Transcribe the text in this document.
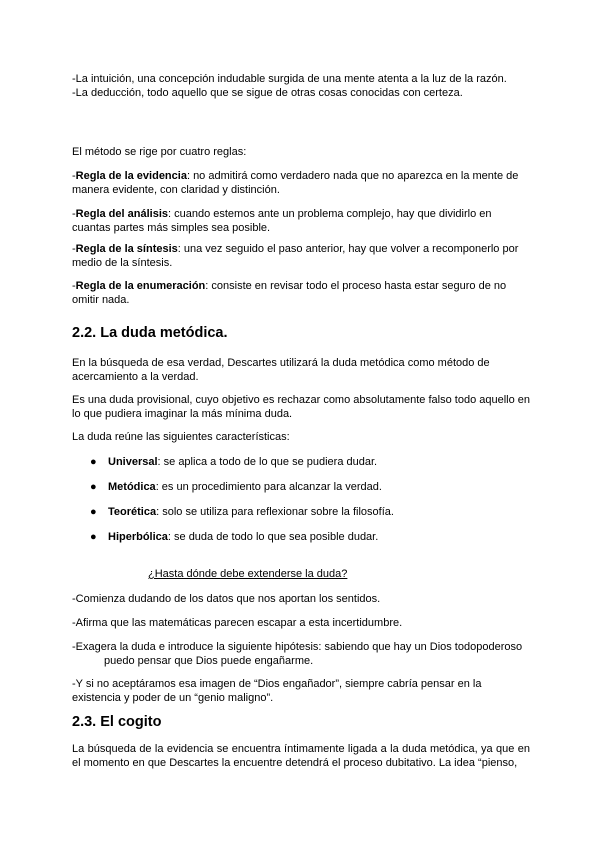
-La intuición, una concepción indudable surgida de una mente atenta a la luz de la razón.

-La deducción, todo aquello que se sigue de otras cosas conocidas con certeza.

El método se rige por cuatro reglas:

-Regla de la evidencia: no admitirá como verdadero nada que no aparezca en la mente de manera evidente, con claridad y distinción.

-Regla del análisis: cuando estemos ante un problema complejo, hay que dividirlo en cuantas partes más simples sea posible.

-Regla de la síntesis: una vez seguido el paso anterior, hay que volver a recomponerlo por medio de la síntesis.

-Regla de la enumeración: consiste en revisar todo el proceso hasta estar seguro de no omitir nada.

2.2. La duda metódica.

En la búsqueda de esa verdad, Descartes utilizará la duda metódica como método de acercamiento a la verdad.

Es una duda provisional, cuyo objetivo es rechazar como absolutamente falso todo aquello en lo que pudiera imaginar la más mínima duda.

La duda reúne las siguientes características:

● Universal: se aplica a todo de lo que se pudiera dudar.
● Metódica: es un procedimiento para alcanzar la verdad.
● Teorética: solo se utiliza para reflexionar sobre la filosofía.
● Hiperbólica: se duda de todo lo que sea posible dudar.
¿Hasta dónde debe extenderse la duda?

-Comienza dudando de los datos que nos aportan los sentidos.

-Afirma que las matemáticas parecen escapar a esta incertidumbre.

-Exagera la duda e introduce la siguiente hipótesis: sabiendo que hay un Dios todopoderoso
puedo pensar que Dios puede engañarme.

-Y si no aceptáramos esa imagen de “Dios engañador”, siempre cabría pensar en la existencia y poder de un “genio maligno”.

2.3. El cogito

La búsqueda de la evidencia se encuentra íntimamente ligada a la duda metódica, ya que en el momento en que Descartes la encuentre detendrá el proceso dubitativo. La idea “pienso,
